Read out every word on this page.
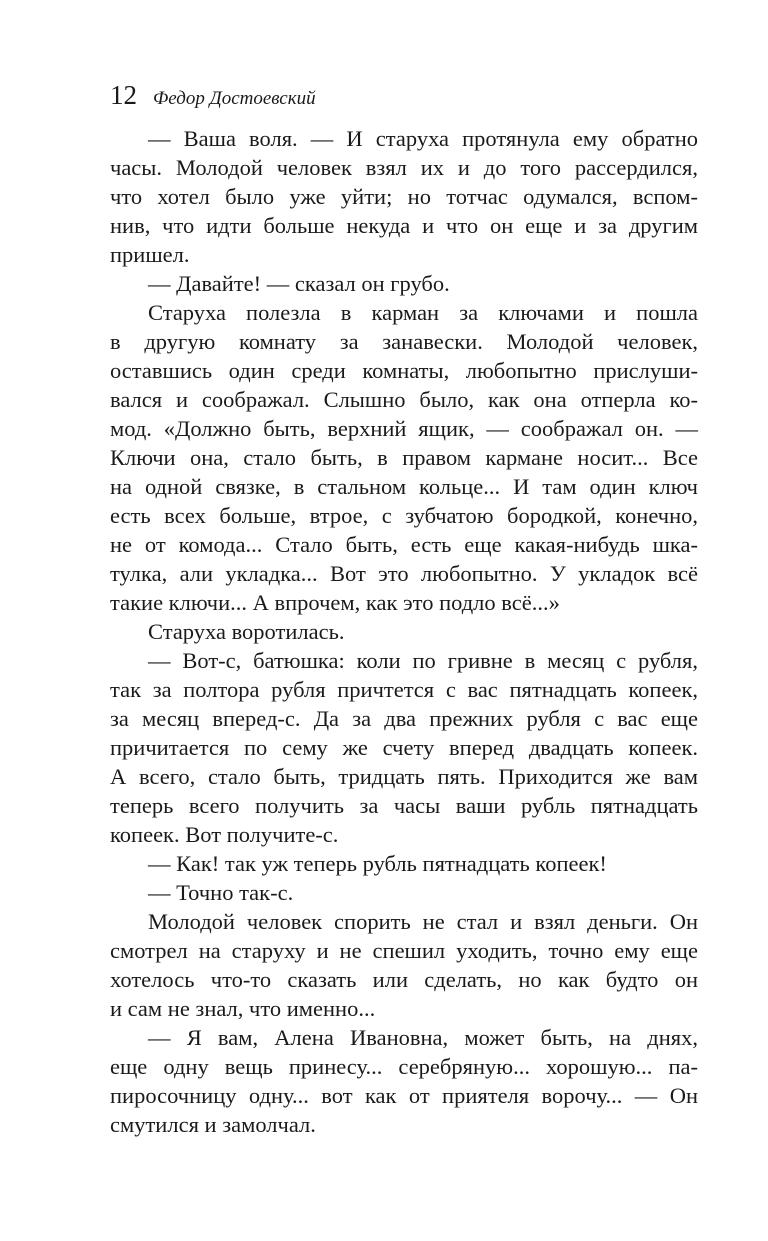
12 Федор Достоевский
— Ваша воля. — И старуха протянула ему обратно
часы. Молодой человек взял их и до того рассердился,
что хотел было уже уйти; но тотчас одумался, вспом-
нив, что идти больше некуда и что он еще и за другим
пришел.
— Давайте! — сказал он грубо.
Старуха полезла в карман за ключами и пошла
в другую комнату за занавески. Молодой человек,
оставшись один среди комнаты, любопытно прислуши-
вался и соображал. Слышно было, как она отперла ко-
мод. «Должно быть, верхний ящик, — соображал он. —
Ключи она, стало быть, в правом кармане носит... Все
на одной связке, в стальном кольце... И там один ключ
есть всех больше, втрое, с зубчатою бородкой, конечно,
не от комода... Стало быть, есть еще какая-нибудь шка-
тулка, али укладка... Вот это любопытно. У укладок всё
такие ключи... А впрочем, как это подло всё...»
Старуха воротилась.
— Вот-с, батюшка: коли по гривне в месяц с рубля,
так за полтора рубля причтется с вас пятнадцать копеек,
за месяц вперед-с. Да за два прежних рубля с вас еще
причитается по сему же счету вперед двадцать копеек.
А всего, стало быть, тридцать пять. Приходится же вам
теперь всего получить за часы ваши рубль пятнадцать
копеек. Вот получите-с.
— Как! так уж теперь рубль пятнадцать копеек!
— Точно так-с.
Молодой человек спорить не стал и взял деньги. Он
смотрел на старуху и не спешил уходить, точно ему еще
хотелось что-то сказать или сделать, но как будто он
и сам не знал, что именно...
— Я вам, Алена Ивановна, может быть, на днях,
еще одну вещь принесу... серебряную... хорошую... па-
пиросочницу одну... вот как от приятеля ворочу... — Он
смутился и замолчал.
